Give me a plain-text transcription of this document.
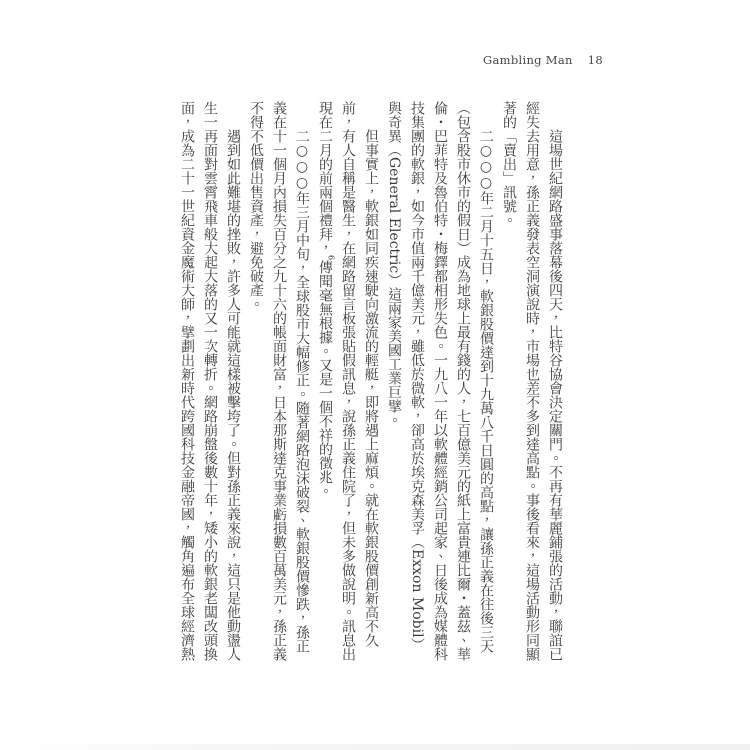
Gambling Man 18

這場世紀網路盛事落幕後四天，比特谷協會決定關門。不再有華麗鋪張的活動，聯誼已經失去用意，孫正義發表空洞演說時，市場也差不多到達高點。事後看來，這場活動形同顯著的「賣出」訊號。

二○○○年二月十五日，軟銀股價達到十九萬八千日圓的高點，讓孫正義在往後三天（包含股市休市的假日）成為地球上最有錢的人，七百億美元的紙上富貴連比爾・蓋茲、華倫・巴菲特及魯伯特・梅鐸都相形失色。一九八一年以軟體經銷公司起家、日後成為媒體科技集團的軟銀，如今市值兩千億美元，雖低於微軟，卻高於埃克森美孚（Exxon Mobil）與奇異（General Electric）這兩家美國工業巨擘。

但事實上，軟銀如同疾速駛向激流的輕艇，即將遇上麻煩。就在軟銀股價創新高不久前，有人自稱是醫生，在網路留言板張貼假訊息，說孫正義住院了，但未多做說明。訊息出現在二月的前兩個禮拜，$^6$傳聞毫無根據。又是一個不祥的徵兆。

二○○○年三月中旬，全球股市大幅修正。隨著網路泡沫破裂、軟銀股價慘跌，孫正義在十一個月內損失百分之九十六的帳面財富，日本那斯達克事業虧損數百萬美元，孫正義不得不低價出售資產，避免破產。

遇到如此難堪的挫敗，許多人可能就這樣被擊垮了。但對孫正義來說，這只是他動盪人生一再面對雲霄飛車般大起大落的又一次轉折。網路崩盤後數十年，矮小的軟銀老闆改頭換面，成為二十一世紀資金魔術大師，擘劃出新時代跨國科技金融帝國，觸角遍布全球經濟熱
